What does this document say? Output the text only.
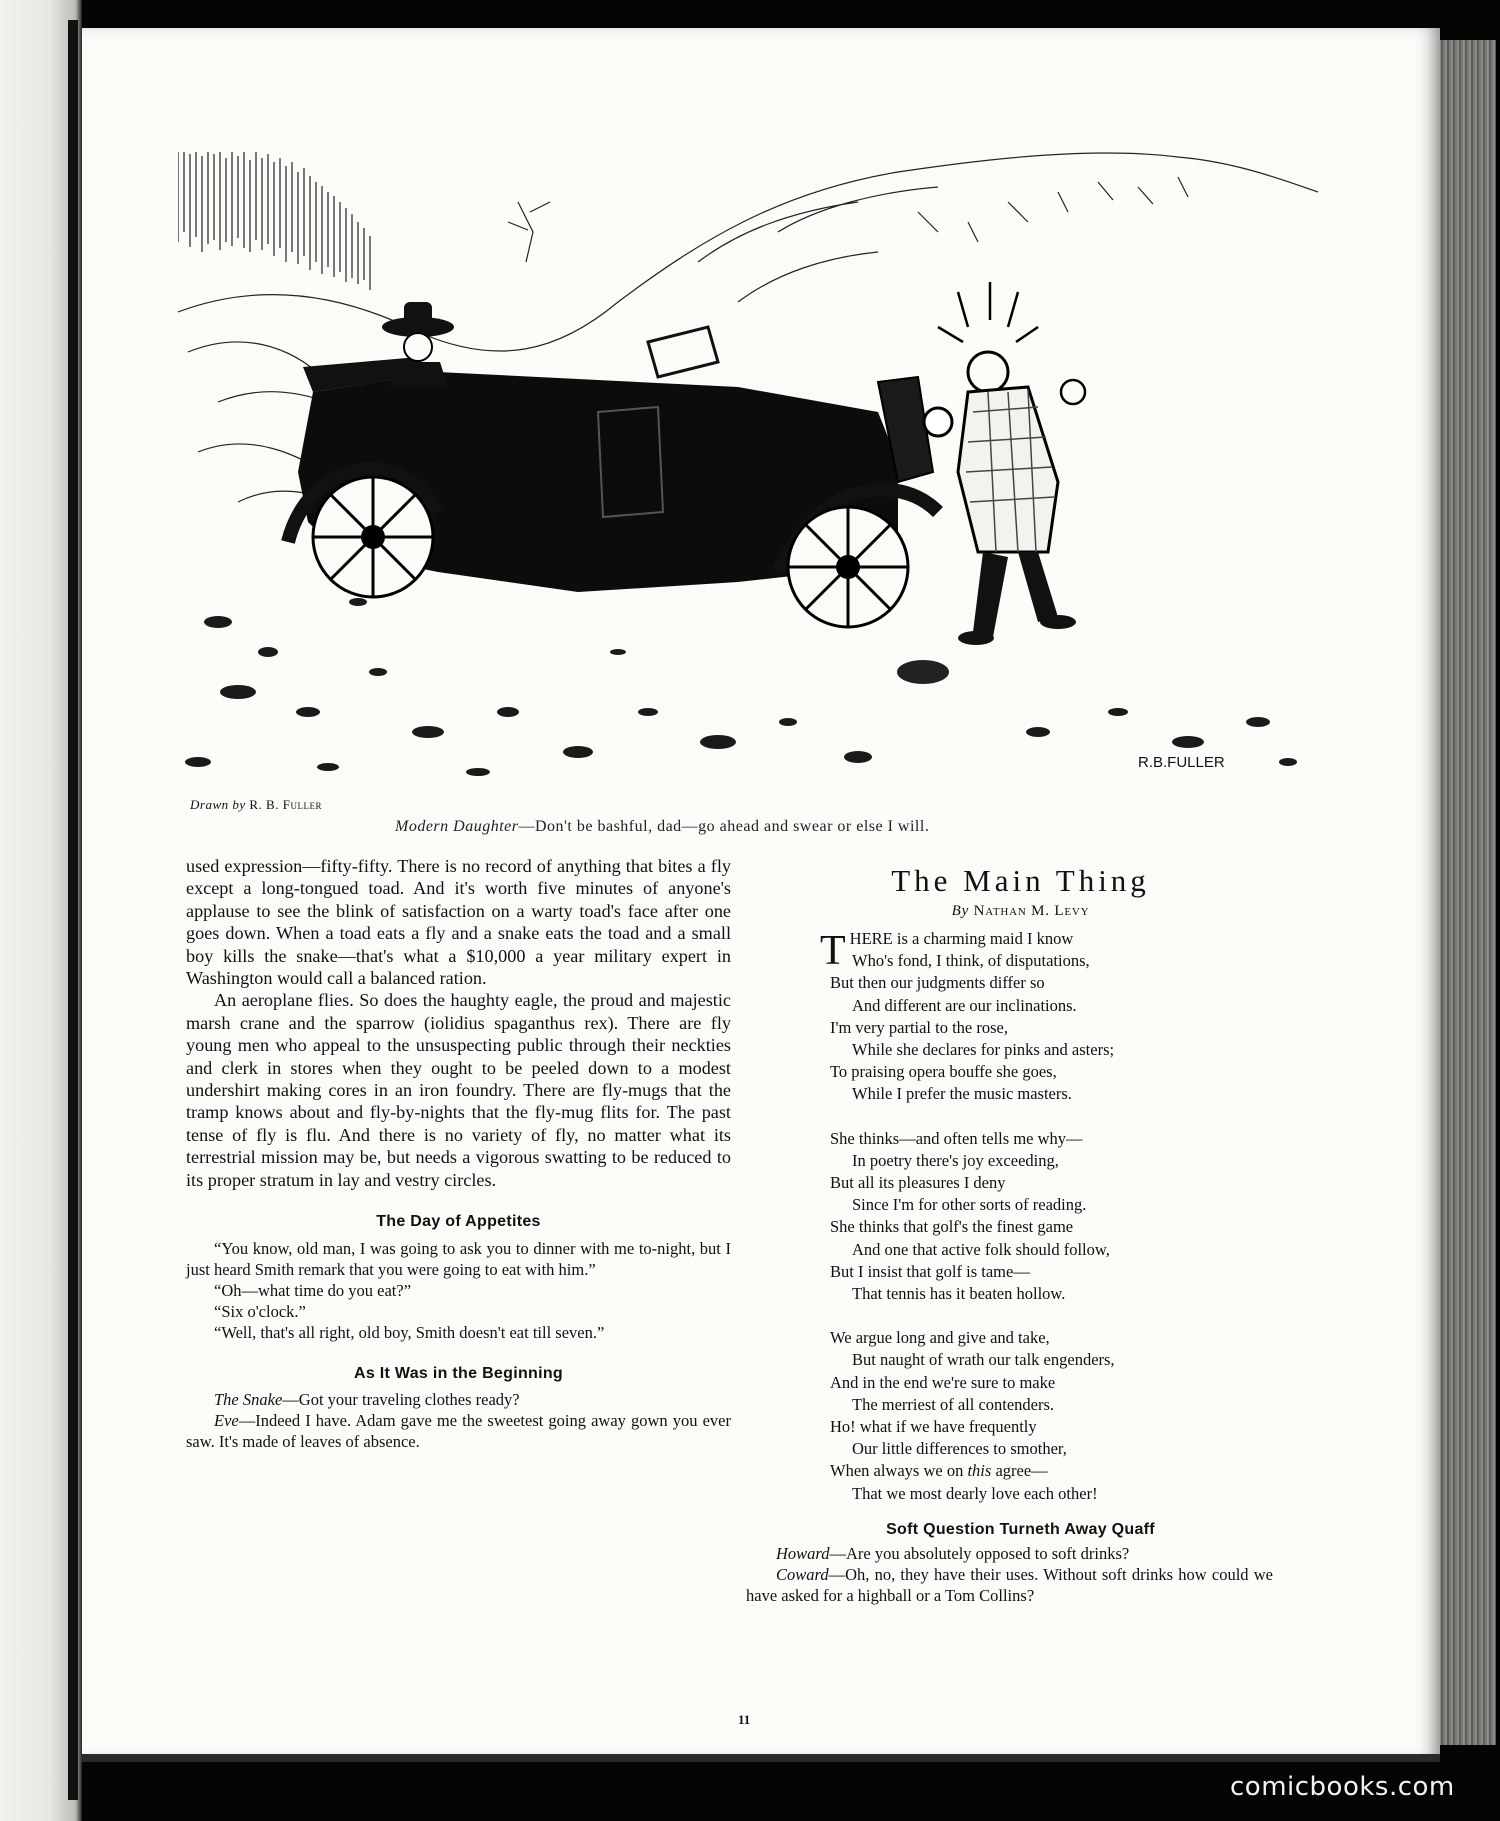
R.B.FULLER
Drawn by R. B. Fuller
Modern Daughter—Don't be bashful, dad—go ahead and swear or else I will.

used expression—fifty-fifty. There is no record of anything that bites a fly except a long-tongued toad. And it's worth five minutes of anyone's applause to see the blink of satisfaction on a warty toad's face after one goes down. When a toad eats a fly and a snake eats the toad and a small boy kills the snake—that's what a $10,000 a year military expert in Washington would call a balanced ration.

An aeroplane flies. So does the haughty eagle, the proud and majestic marsh crane and the sparrow (iolidius spaganthus rex). There are fly young men who appeal to the unsuspecting public through their neckties and clerk in stores when they ought to be peeled down to a modest undershirt making cores in an iron foundry. There are fly-mugs that the tramp knows about and fly-by-nights that the fly-mug flits for. The past tense of fly is flu. And there is no variety of fly, no matter what its terrestrial mission may be, but needs a vigorous swatting to be reduced to its proper stratum in lay and vestry circles.

The Day of Appetites

“You know, old man, I was going to ask you to dinner with me to-night, but I just heard Smith remark that you were going to eat with him.”

“Oh—what time do you eat?”

“Six o'clock.”

“Well, that's all right, old boy, Smith doesn't eat till seven.”

As It Was in the Beginning

The Snake—Got your traveling clothes ready?

Eve—Indeed I have. Adam gave me the sweetest going away gown you ever saw. It's made of leaves of absence.

The Main Thing
By Nathan M. Levy
THERE is a charming maid I know
Who's fond, I think, of disputations,
But then our judgments differ so
And different are our inclinations.
I'm very partial to the rose,
While she declares for pinks and asters;
To praising opera bouffe she goes,
While I prefer the music masters.
She thinks—and often tells me why—
In poetry there's joy exceeding,
But all its pleasures I deny
Since I'm for other sorts of reading.
She thinks that golf's the finest game
And one that active folk should follow,
But I insist that golf is tame—
That tennis has it beaten hollow.
We argue long and give and take,
But naught of wrath our talk engenders,
And in the end we're sure to make
The merriest of all contenders.
Ho! what if we have frequently
Our little differences to smother,
When always we on this agree—
That we most dearly love each other!
Soft Question Turneth Away Quaff

Howard—Are you absolutely opposed to soft drinks?

Coward—Oh, no, they have their uses. Without soft drinks how could we have asked for a highball or a Tom Collins?

11
comicbooks.com
